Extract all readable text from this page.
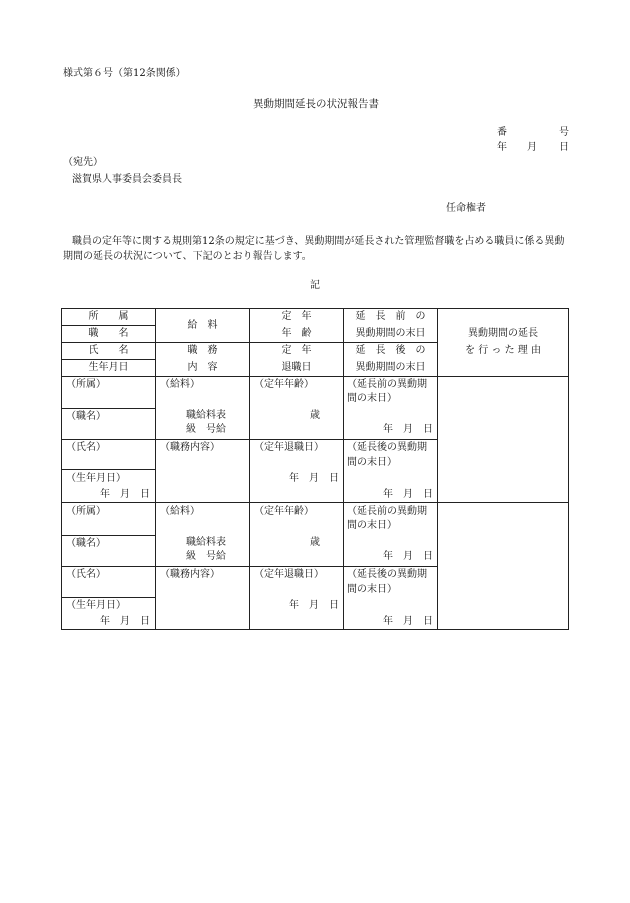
様式第６号（第12条関係）
異動期間延長の状況報告書
番	号
年 月 日
（宛先）
滋賀県人事委員会委員長
任命権者
職員の定年等に関する規則第12条の規定に基づき、異動期間が延長された管理監督職を占める職員に係る異動
期間の延長の状況について、下記のとおり報告します。
記
所　　属
職　　名
氏　　名
生年月日
給　料
職　務
内　容
定　年
年　齢
定　年
退職日
延　長　前　の
異動期間の末日
延　長　後　の
異動期間の末日
異動期間の延長
を 行 っ た 理 由
（所属）
（職名）
（氏名）
（生年月日）
年　月　日
（給料）
職給料表
級　号給
（職務内容）
（定年年齢）
歳
（定年退職日）
年　月　日
（延長前の異動期
間の末日）
年　月　日
（延長後の異動期
間の末日）
年　月　日
（所属）
（職名）
（氏名）
（生年月日）
年　月　日
（給料）
職給料表
級　号給
（職務内容）
（定年年齢）
歳
（定年退職日）
年　月　日
（延長前の異動期
間の末日）
年　月　日
（延長後の異動期
間の末日）
年　月　日
